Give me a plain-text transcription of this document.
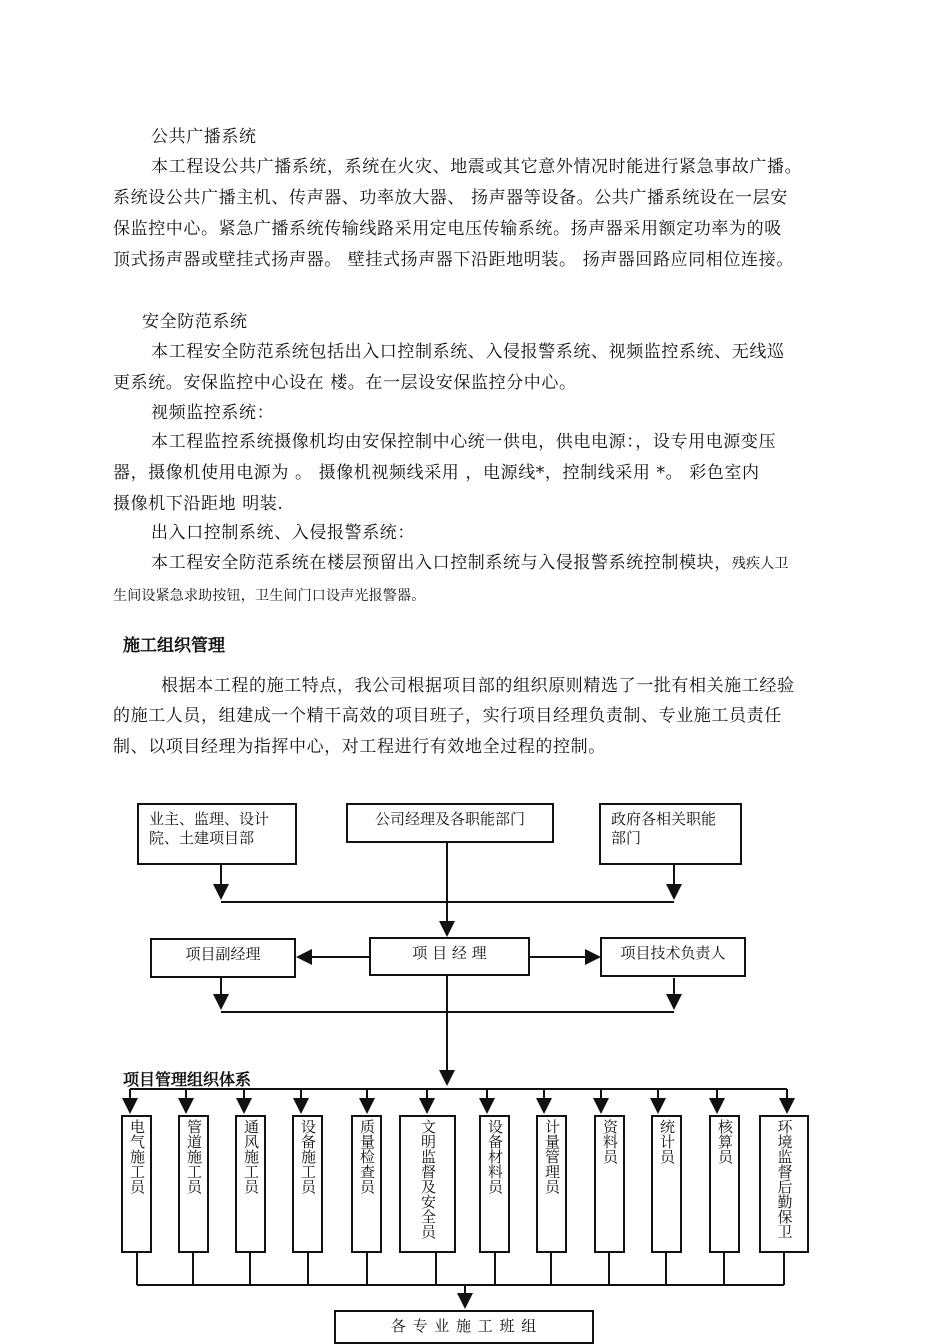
公共广播系统
本工程设公共广播系统，系统在火灾、地震或其它意外情况时能进行紧急事故广播。
系统设公共广播主机、传声器、功率放大器、 扬声器等设备。公共广播系统设在一层安
保监控中心。紧急广播系统传输线路采用定电压传输系统。扬声器采用额定功率为的吸
顶式扬声器或壁挂式扬声器。 壁挂式扬声器下沿距地明装。 扬声器回路应同相位连接。
安全防范系统
本工程安全防范系统包括出入口控制系统、入侵报警系统、视频监控系统、无线巡
更系统。安保监控中心设在 楼。在一层设安保监控分中心。
视频监控系统：
本工程监控系统摄像机均由安保控制中心统一供电，供电电源：，设专用电源变压
器，摄像机使用电源为 。 摄像机视频线采用 ，电源线*，控制线采用 *。 彩色室内
摄像机下沿距地 明装.
出入口控制系统、入侵报警系统：
本工程安全防范系统在楼层预留出入口控制系统与入侵报警系统控制模块，残疾人卫
生间设紧急求助按钮，卫生间门口设声光报警器。
施工组织管理
根据本工程的施工特点，我公司根据项目部的组织原则精选了一批有相关施工经验
的施工人员，组建成一个精干高效的项目班子，实行项目经理负责制、专业施工员责任
制、以项目经理为指挥中心，对工程进行有效地全过程的控制。
业主、监理、设计院、土建项目部
公司经理及各职能部门	政府各相关职能部门
项目副经理	项 目 经 理	项目技术负责人
项目管理组织体系
电气施工员	管道施工员	通风施工员	设备施工员	质量检查员	文明监督及安全员	设备材料员	计量管理员	资料员	统计员	核算员	环境监督后勤保卫
各 专 业 施 工 班 组
